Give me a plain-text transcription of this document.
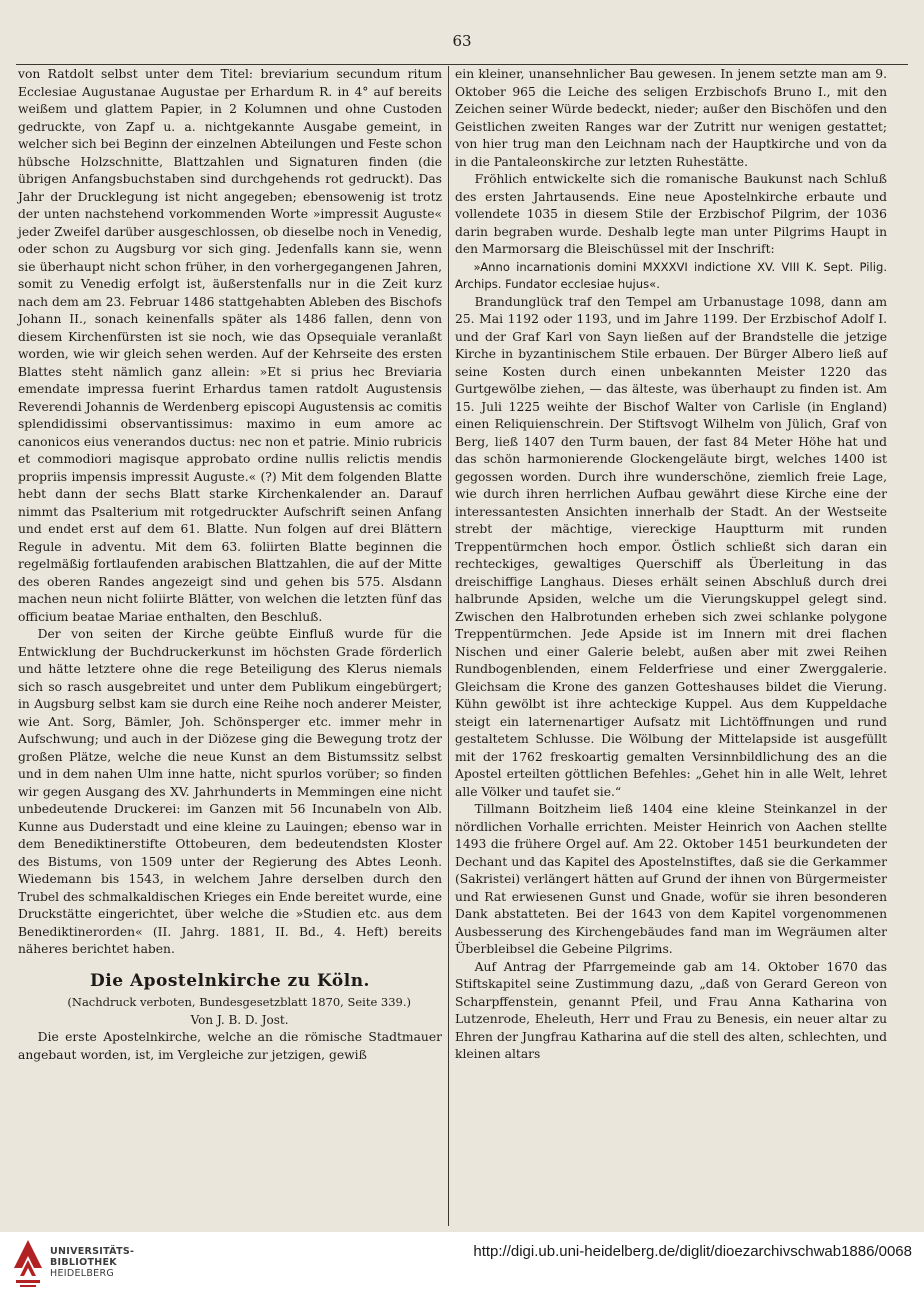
63

von Ratdolt selbst unter dem Titel: breviarium secundum ritum Ecclesiae Augustanae Augustae per Erhardum R. in 4° auf bereits weißem und glattem Papier, in 2 Kolumnen und ohne Custoden gedruckte, von Zapf u. a. nichtgekannte Ausgabe gemeint, in welcher sich bei Beginn der einzelnen Abteilungen und Feste schon hübsche Holzschnitte, Blattzahlen und Signaturen finden (die übrigen Anfangsbuchstaben sind durchgehends rot gedruckt). Das Jahr der Drucklegung ist nicht angegeben; ebensowenig ist trotz der unten nachstehend vorkommenden Worte »impressit Auguste« jeder Zweifel darüber ausgeschlossen, ob dieselbe noch in Venedig, oder schon zu Augsburg vor sich ging. Jedenfalls kann sie, wenn sie überhaupt nicht schon früher, in den vorhergegangenen Jahren, somit zu Venedig erfolgt ist, äußerstenfalls nur in die Zeit kurz nach dem am 23. Februar 1486 stattgehabten Ableben des Bischofs Johann II., sonach keinenfalls später als 1486 fallen, denn von diesem Kirchenfürsten ist sie noch, wie das Opsequiale veranlaßt worden, wie wir gleich sehen werden. Auf der Kehrseite des ersten Blattes steht nämlich ganz allein: »Et si prius hec Breviaria emendate impressa fuerint Erhardus tamen ratdolt Augustensis Reverendi Johannis de Werdenberg episcopi Augustensis ac comitis splendidissimi observantissimus: maximo in eum amore ac canonicos eius venerandos ductus: nec non et patrie. Minio rubricis et commodiori magisque approbato ordine nullis relictis mendis propriis impensis impressit Auguste.« (?) Mit dem folgenden Blatte hebt dann der sechs Blatt starke Kirchenkalender an. Darauf nimmt das Psalterium mit rotgedruckter Aufschrift seinen Anfang und endet erst auf dem 61. Blatte. Nun folgen auf drei Blättern Regule in adventu. Mit dem 63. foliirten Blatte beginnen die regelmäßig fortlaufenden arabischen Blattzahlen, die auf der Mitte des oberen Randes angezeigt sind und gehen bis 575. Alsdann machen neun nicht foliirte Blätter, von welchen die letzten fünf das officium beatae Mariae enthalten, den Beschluß.

Der von seiten der Kirche geübte Einfluß wurde für die Entwicklung der Buchdruckerkunst im höchsten Grade förderlich und hätte letztere ohne die rege Beteiligung des Klerus niemals sich so rasch ausgebreitet und unter dem Publikum eingebürgert; in Augsburg selbst kam sie durch eine Reihe noch anderer Meister, wie Ant. Sorg, Bämler, Joh. Schönsperger etc. immer mehr in Aufschwung; und auch in der Diözese ging die Bewegung trotz der großen Plätze, welche die neue Kunst an dem Bistumssitz selbst und in dem nahen Ulm inne hatte, nicht spurlos vorüber; so finden wir gegen Ausgang des XV. Jahrhunderts in Memmingen eine nicht unbedeutende Druckerei: im Ganzen mit 56 Incunabeln von Alb. Kunne aus Duderstadt und eine kleine zu Lauingen; ebenso war in dem Benediktinerstifte Ottobeuren, dem bedeutendsten Kloster des Bistums, von 1509 unter der Regierung des Abtes Leonh. Wiedemann bis 1543, in welchem Jahre derselben durch den Trubel des schmalkaldischen Krieges ein Ende bereitet wurde, eine Druckstätte eingerichtet, über welche die »Studien etc. aus dem Benediktinerorden« (II. Jahrg. 1881, II. Bd., 4. Heft) bereits näheres berichtet haben.

Die Apostelnkirche zu Köln.

(Nachdruck verboten, Bundesgesetzblatt 1870, Seite 339.)

Von J. B. D. Jost.

Die erste Apostelnkirche, welche an die römische Stadtmauer angebaut worden, ist, im Vergleiche zur jetzigen, gewiß

ein kleiner, unansehnlicher Bau gewesen. In jenem setzte man am 9. Oktober 965 die Leiche des seligen Erzbischofs Bruno I., mit den Zeichen seiner Würde bedeckt, nieder; außer den Bischöfen und den Geistlichen zweiten Ranges war der Zutritt nur wenigen gestattet; von hier trug man den Leichnam nach der Hauptkirche und von da in die Pantaleonskirche zur letzten Ruhestätte.

Fröhlich entwickelte sich die romanische Baukunst nach Schluß des ersten Jahrtausends. Eine neue Apostelnkirche erbaute und vollendete 1035 in diesem Stile der Erzbischof Pilgrim, der 1036 darin begraben wurde. Deshalb legte man unter Pilgrims Haupt in den Marmorsarg die Bleischüssel mit der Inschrift:

»Anno incarnationis domini MXXXVI indictione XV. VIII K. Sept. Pilig. Archips. Fundator ecclesiae hujus«.

Brandunglück traf den Tempel am Urbanustage 1098, dann am 25. Mai 1192 oder 1193, und im Jahre 1199. Der Erzbischof Adolf I. und der Graf Karl von Sayn ließen auf der Brandstelle die jetzige Kirche in byzantinischem Stile erbauen. Der Bürger Albero ließ auf seine Kosten durch einen unbekannten Meister 1220 das Gurtgewölbe ziehen, — das älteste, was überhaupt zu finden ist. Am 15. Juli 1225 weihte der Bischof Walter von Carlisle (in England) einen Reliquienschrein. Der Stiftsvogt Wilhelm von Jülich, Graf von Berg, ließ 1407 den Turm bauen, der fast 84 Meter Höhe hat und das schön harmonierende Glockengeläute birgt, welches 1400 ist gegossen worden. Durch ihre wunderschöne, ziemlich freie Lage, wie durch ihren herrlichen Aufbau gewährt diese Kirche eine der interessantesten Ansichten innerhalb der Stadt. An der Westseite strebt der mächtige, viereckige Hauptturm mit runden Treppentürmchen hoch empor. Östlich schließt sich daran ein rechteckiges, gewaltiges Querschiff als Überleitung in das dreischiffige Langhaus. Dieses erhält seinen Abschluß durch drei halbrunde Apsiden, welche um die Vierungskuppel gelegt sind. Zwischen den Halbrotunden erheben sich zwei schlanke polygone Treppentürmchen. Jede Apside ist im Innern mit drei flachen Nischen und einer Galerie belebt, außen aber mit zwei Reihen Rundbogenblenden, einem Felderfriese und einer Zwerggalerie. Gleichsam die Krone des ganzen Gotteshauses bildet die Vierung. Kühn gewölbt ist ihre achteckige Kuppel. Aus dem Kuppeldache steigt ein laternenartiger Aufsatz mit Lichtöffnungen und rund gestaltetem Schlusse. Die Wölbung der Mittelapside ist ausgefüllt mit der 1762 freskoartig gemalten Versinnbildlichung des an die Apostel erteilten göttlichen Befehles: „Gehet hin in alle Welt, lehret alle Völker und taufet sie.“

Tillmann Boitzheim ließ 1404 eine kleine Steinkanzel in der nördlichen Vorhalle errichten. Meister Heinrich von Aachen stellte 1493 die frühere Orgel auf. Am 22. Oktober 1451 beurkundeten der Dechant und das Kapitel des Apostelnstiftes, daß sie die Gerkammer (Sakristei) verlängert hätten auf Grund der ihnen von Bürgermeister und Rat erwiesenen Gunst und Gnade, wofür sie ihren besonderen Dank abstatteten. Bei der 1643 von dem Kapitel vorgenommenen Ausbesserung des Kirchengebäudes fand man im Wegräumen alter Überbleibsel die Gebeine Pilgrims.

Auf Antrag der Pfarrgemeinde gab am 14. Oktober 1670 das Stiftskapitel seine Zustimmung dazu, „daß von Gerard Gereon von Scharpffenstein, genannt Pfeil, und Frau Anna Katharina von Lutzenrode, Eheleuth, Herr und Frau zu Benesis, ein neuer altar zu Ehren der Jungfrau Katharina auf die stell des alten, schlechten, und kleinen altars

UNIVERSITÄTS-
BIBLIOTHEK
HEIDELBERG
http://digi.ub.uni-heidelberg.de/diglit/dioezarchivschwab1886/0068
